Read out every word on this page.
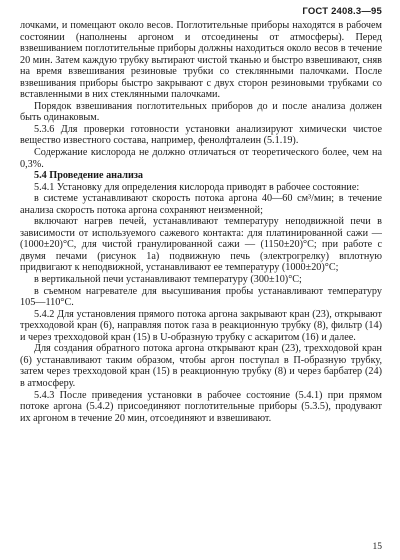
ГОСТ 2408.3—95

лочками, и помещают около весов. Поглотительные приборы находятся в рабочем состоянии (наполнены аргоном и отсоединены от атмосферы). Перед взвешиванием поглотительные приборы должны находиться около весов в течение 20 мин. Затем каждую трубку вытирают чистой тканью и быстро взвешивают, сняв на время взвешивания резиновые трубки со стеклянными палочками. После взвешивания приборы быстро закрывают с двух сторон резиновыми трубками со вставленными в них стеклянными палочками.

Порядок взвешивания поглотительных приборов до и после анализа должен быть одинаковым.

5.3.6 Для проверки готовности установки анализируют химически чистое вещество известного состава, например, фенолфталеин (5.1.19).

Содержание кислорода не должно отличаться от теоретического более, чем на 0,3%.

5.4 Проведение анализа

5.4.1 Установку для определения кислорода приводят в рабочее состояние:

в системе устанавливают скорость потока аргона 40—60 см³/мин; в течение анализа скорость потока аргона сохраняют неизменной;

включают нагрев печей, устанавливают температуру неподвижной печи в зависимости от используемого сажевого контакта: для платинированной сажи — (1000±20)°С, для чистой гранулированной сажи — (1150±20)°С; при работе с двумя печами (рисунок 1а) подвижную печь (электрогрелку) вплотную придвигают к неподвижной, устанавливают ее температуру (1000±20)°С;

в вертикальной печи устанавливают температуру (300±10)°С;

в съемном нагревателе для высушивания пробы устанавливают температуру 105—110°С.

5.4.2 Для установления прямого потока аргона закрывают кран (23), открывают трехходовой кран (6), направляя поток газа в реакционную трубку (8), фильтр (14) и через трехходовой кран (15) в U-образную трубку с аскаритом (16) и далее.

Для создания обратного потока аргона открывают кран (23), трехходовой кран (6) устанавливают таким образом, чтобы аргон поступал в П-образную трубку, затем через трехходовой кран (15) в реакционную трубку (8) и через барбатер (24) в атмосферу.

5.4.3 После приведения установки в рабочее состояние (5.4.1) при прямом потоке аргона (5.4.2) присоединяют поглотительные приборы (5.3.5), продувают их аргоном в течение 20 мин, отсоединяют и взвешивают.

15
